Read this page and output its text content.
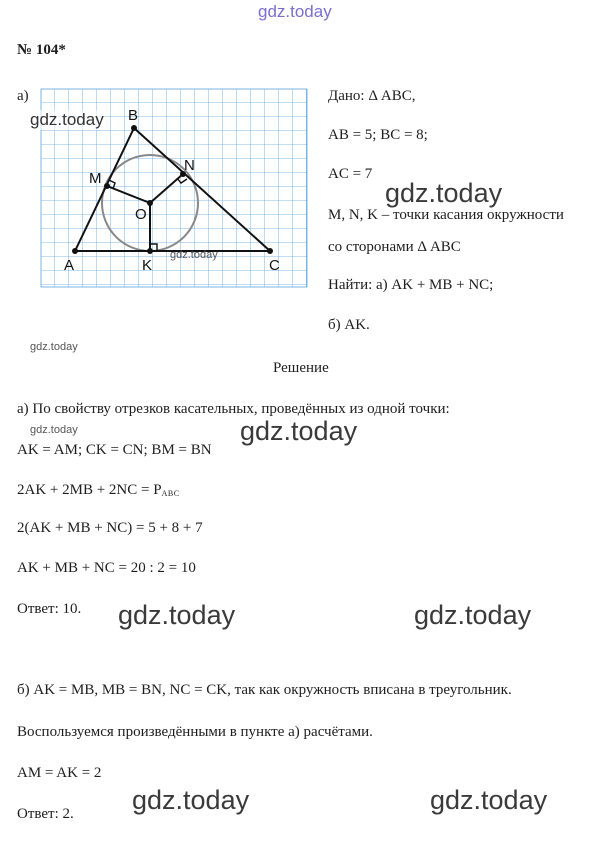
gdz.today
№ 104*
а)
A
B
C
M
N
K
O
gdz.today
gdz.today
gdz.today
Дано: Δ ABC,
AB = 5; BC = 8;
AC = 7
gdz.today
M, N, K – точки касания окружности
со сторонами Δ ABC
Найти: а) AK + MB + NC;
б) AK.
Решение
а) По свойству отрезков касательных, проведённых из одной точки:
gdz.today	gdz.today
AK = AM; CK = CN; BM = BN
$2AK + 2MB + 2NC = P_{ABC}$
2(AK + MB + NC) = 5 + 8 + 7
AK + MB + NC = 20 : 2 = 10
Ответ: 10. gdz.today	gdz.today
б) AK = MB, MB = BN, NC = CK, так как окружность вписана в треугольник.
Воспользуемся произведёнными в пункте а) расчётами.
AM = AK = 2
Ответ: 2. gdz.today	gdz.today
